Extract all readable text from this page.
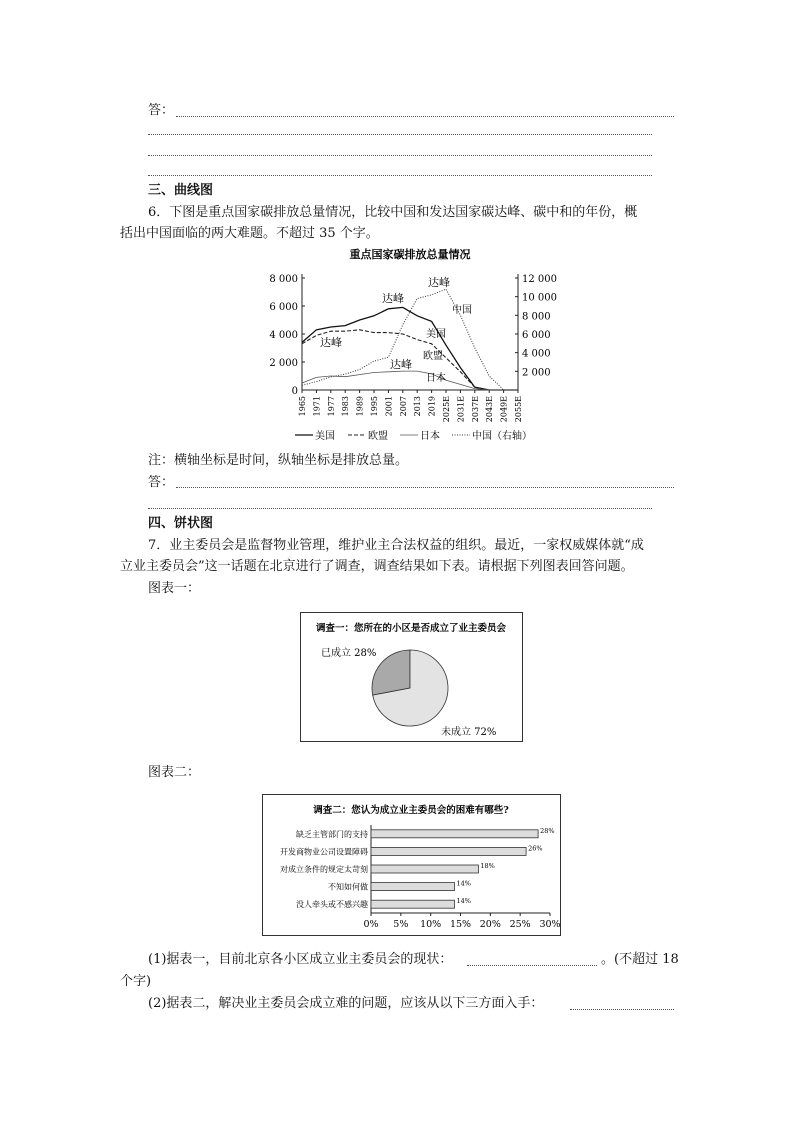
答：
三、曲线图
6．下图是重点国家碳排放总量情况，比较中国和发达国家碳达峰、碳中和的年份，概
括出中国面临的两大难题。不超过 35 个字。
重点国家碳排放总量情况
0
2 000
4 000
6 000
8 000
2 000
4 000
6 000
8 000
10 000
12 000
1965 1971 1977 1983 1989 1995 2001 2007 2013 2019 2025E 2031E 2037E 2043E 2049E 2055E
达峰
达峰
达峰
达峰
中国
美国
欧盟
日本
美国	欧盟	日本	中国（右轴）
注：横轴坐标是时间，纵轴坐标是排放总量。
答：
四、饼状图
7．业主委员会是监督物业管理，维护业主合法权益的组织。最近，一家权威媒体就“成
立业主委员会”这一话题在北京进行了调查，调查结果如下表。请根据下列图表回答问题。
图表一：
调查一：您所在的小区是否成立了业主委员会
已成立 28%
未成立 72%
图表二：
调查二：您认为成立业主委员会的困难有哪些?
缺乏主管部门的支持	28%
开发商物业公司设置障碍	26%
对成立条件的规定太苛刻	18%
不知如何做	14%
没人牵头或不感兴趣	14%
0% 5% 10% 15% 20% 25% 30%
(1)据表一，目前北京各小区成立业主委员会的现状：	。(不超过 18
个字)
(2)据表二，解决业主委员会成立难的问题，应该从以下三方面入手：
